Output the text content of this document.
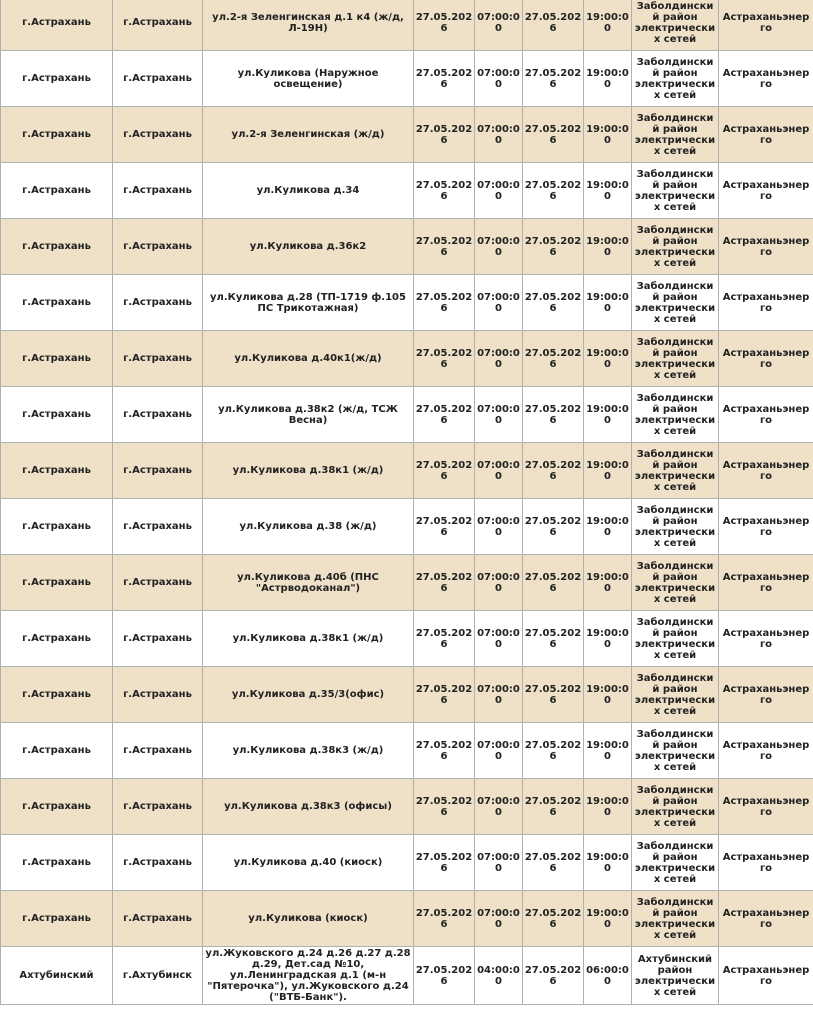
г.Астрахань	г.Астрахань	ул.2-я Зеленгинская д.1 к4 (ж/д, Л-19Н)	27.05.2026	07:00:00	27.05.2026	19:00:00	Заболдинский район электрических сетей	Астраханьэнерго
г.Астрахань	г.Астрахань	ул.Куликова (Наружное освещение)	27.05.2026	07:00:00	27.05.2026	19:00:00	Заболдинский район электрических сетей	Астраханьэнерго
г.Астрахань	г.Астрахань	ул.2-я Зеленгинская (ж/д)	27.05.2026	07:00:00	27.05.2026	19:00:00	Заболдинский район электрических сетей	Астраханьэнерго
г.Астрахань	г.Астрахань	ул.Куликова д.34	27.05.2026	07:00:00	27.05.2026	19:00:00	Заболдинский район электрических сетей	Астраханьэнерго
г.Астрахань	г.Астрахань	ул.Куликова д.36к2	27.05.2026	07:00:00	27.05.2026	19:00:00	Заболдинский район электрических сетей	Астраханьэнерго
г.Астрахань	г.Астрахань	ул.Куликова д.28 (ТП-1719 ф.105 ПС Трикотажная)	27.05.2026	07:00:00	27.05.2026	19:00:00	Заболдинский район электрических сетей	Астраханьэнерго
г.Астрахань	г.Астрахань	ул.Куликова д.40к1(ж/д)	27.05.2026	07:00:00	27.05.2026	19:00:00	Заболдинский район электрических сетей	Астраханьэнерго
г.Астрахань	г.Астрахань	ул.Куликова д.38к2 (ж/д, ТСЖ Весна)	27.05.2026	07:00:00	27.05.2026	19:00:00	Заболдинский район электрических сетей	Астраханьэнерго
г.Астрахань	г.Астрахань	ул.Куликова д.38к1 (ж/д)	27.05.2026	07:00:00	27.05.2026	19:00:00	Заболдинский район электрических сетей	Астраханьэнерго
г.Астрахань	г.Астрахань	ул.Куликова д.38 (ж/д)	27.05.2026	07:00:00	27.05.2026	19:00:00	Заболдинский район электрических сетей	Астраханьэнерго
г.Астрахань	г.Астрахань	ул.Куликова д.40б (ПНС "Астрводоканал")	27.05.2026	07:00:00	27.05.2026	19:00:00	Заболдинский район электрических сетей	Астраханьэнерго
г.Астрахань	г.Астрахань	ул.Куликова д.38к1 (ж/д)	27.05.2026	07:00:00	27.05.2026	19:00:00	Заболдинский район электрических сетей	Астраханьэнерго
г.Астрахань	г.Астрахань	ул.Куликова д.35/3(офис)	27.05.2026	07:00:00	27.05.2026	19:00:00	Заболдинский район электрических сетей	Астраханьэнерго
г.Астрахань	г.Астрахань	ул.Куликова д.38к3 (ж/д)	27.05.2026	07:00:00	27.05.2026	19:00:00	Заболдинский район электрических сетей	Астраханьэнерго
г.Астрахань	г.Астрахань	ул.Куликова д.38к3 (офисы)	27.05.2026	07:00:00	27.05.2026	19:00:00	Заболдинский район электрических сетей	Астраханьэнерго
г.Астрахань	г.Астрахань	ул.Куликова д.40 (киоск)	27.05.2026	07:00:00	27.05.2026	19:00:00	Заболдинский район электрических сетей	Астраханьэнерго
г.Астрахань	г.Астрахань	ул.Куликова (киоск)	27.05.2026	07:00:00	27.05.2026	19:00:00	Заболдинский район электрических сетей	Астраханьэнерго
Ахтубинский	г.Ахтубинск	ул.Жуковского д.24 д.26 д.27 д.28 д.29, Дет.сад №10, ул.Ленинградская д.1 (м-н "Пятерочка"), ул.Жуковского д.24 ("ВТБ-Банк").	27.05.2026	04:00:00	27.05.2026	06:00:00	Ахтубинский район электрических сетей	Астраханьэнерго
